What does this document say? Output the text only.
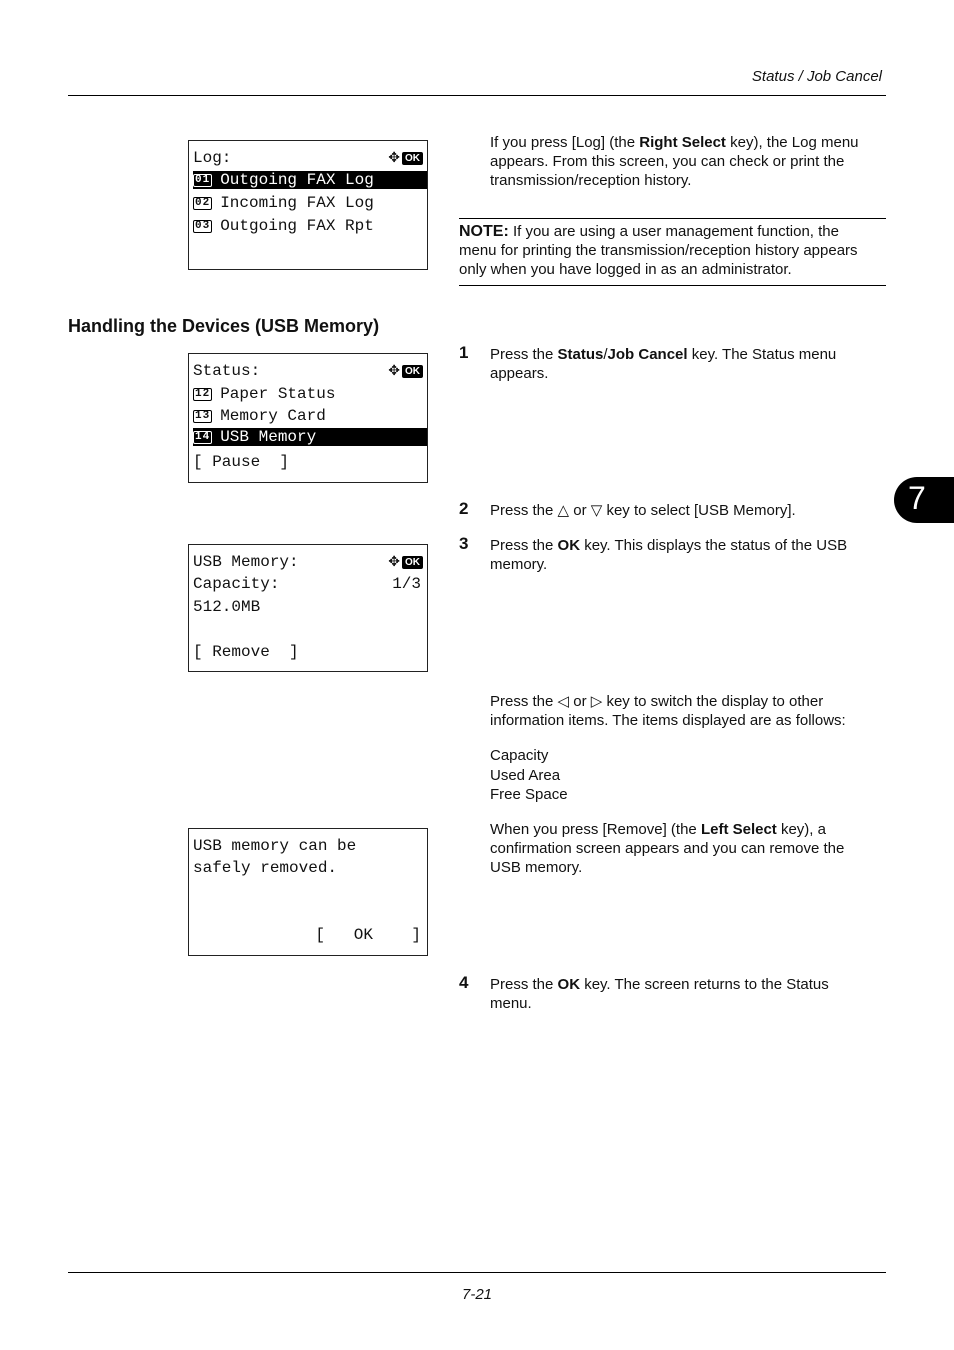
Status / Job Cancel
7
Log:	✥ OK
01 Outgoing FAX Log
02 Incoming FAX Log
03 Outgoing FAX Rpt
If you press [Log] (the Right Select key), the Log menu
appears. From this screen, you can check or print the
transmission/reception history.
NOTE: If you are using a user management function, the
menu for printing the transmission/reception history appears
only when you have logged in as an administrator.
Handling the Devices (USB Memory)
Status:	✥ OK
12 Paper Status
13 Memory Card
14 USB Memory
[ Pause  ]
1 Press the Status/Job Cancel key. The Status menu
appears.
2 Press the △ or ▽ key to select [USB Memory].
3 Press the OK key. This displays the status of the USB
memory.
USB Memory:	✥ OK
Capacity:	1/3
512.0MB
[ Remove  ]
Press the ◁ or ▷ key to switch the display to other
information items. The items displayed are as follows:
Capacity
Used Area
Free Space
When you press [Remove] (the Left Select key), a
confirmation screen appears and you can remove the
USB memory.
USB memory can be
safely removed.
[   OK    ]
4 Press the OK key. The screen returns to the Status
menu.
7-21
